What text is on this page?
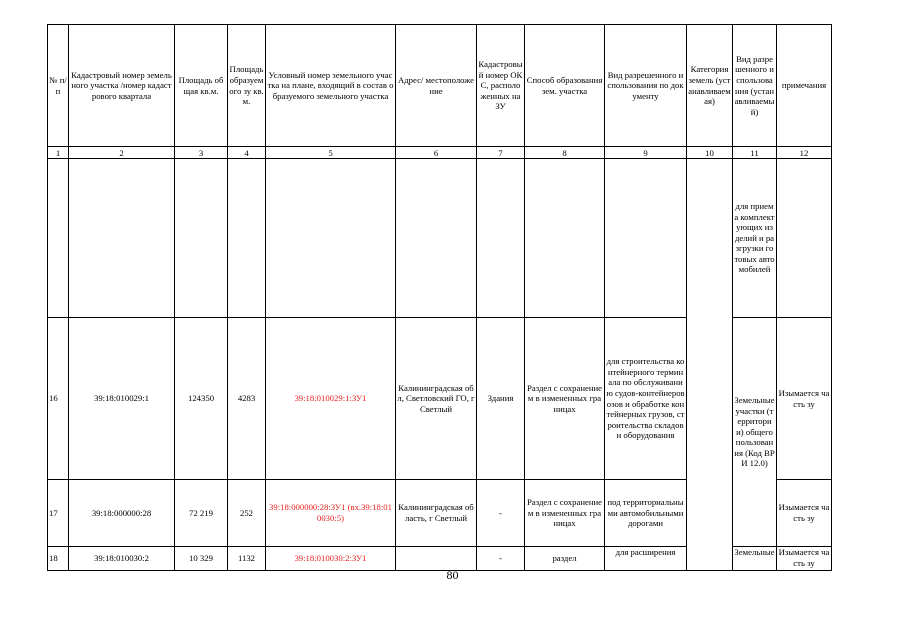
№ п/п	Кадастровый номер земельного участка /номер кадастрового квартала	Площадь общая кв.м.	Площадь образуемого зу кв.м.	Условный номер земельного участка на плане, входящий в состав образуемого земельного участка	Адрес/ местоположение	Кадастровый номер ОКС, расположенных на ЗУ	Способ образования зем. участка	Вид разрешенного использования по документу	Категория земель (устанавливаемая)	Вид разрешенного использования (устанавливаемый)	примечания
1	2	3	4	5	6	7	8	9	10	11	12
										для приема комплектующих изделий и разгрузки готовых автомобилей	
16	39:18:010029:1	124350	4283	39:18:010029:1:ЗУ1	Калининградская обл, Светловский ГО, г Светлый	Здания	Раздел с сохранением в измененных границах	для строительства контейнерного терминала по обслуживанию судов-контейнеровозов и обработке контейнерных грузов, строительства складов и оборудования		Земельные участки (территории) общего пользования (Код ВРИ 12.0)	Изымается часть зу
17	39:18:000000:28	72 219	252	39:18:000000:28:ЗУ1 (вх.39:18:010030:5)	Калининградская область, г Светлый	-	Раздел с сохранением в измененных границах	под территориальными автомобильными дорогами			Изымается часть зу
18	39:18:010030:2	10 329	1132	39:18:010030:2:ЗУ1		-	раздел	для расширения		Земельные	Изымается часть зу
80
